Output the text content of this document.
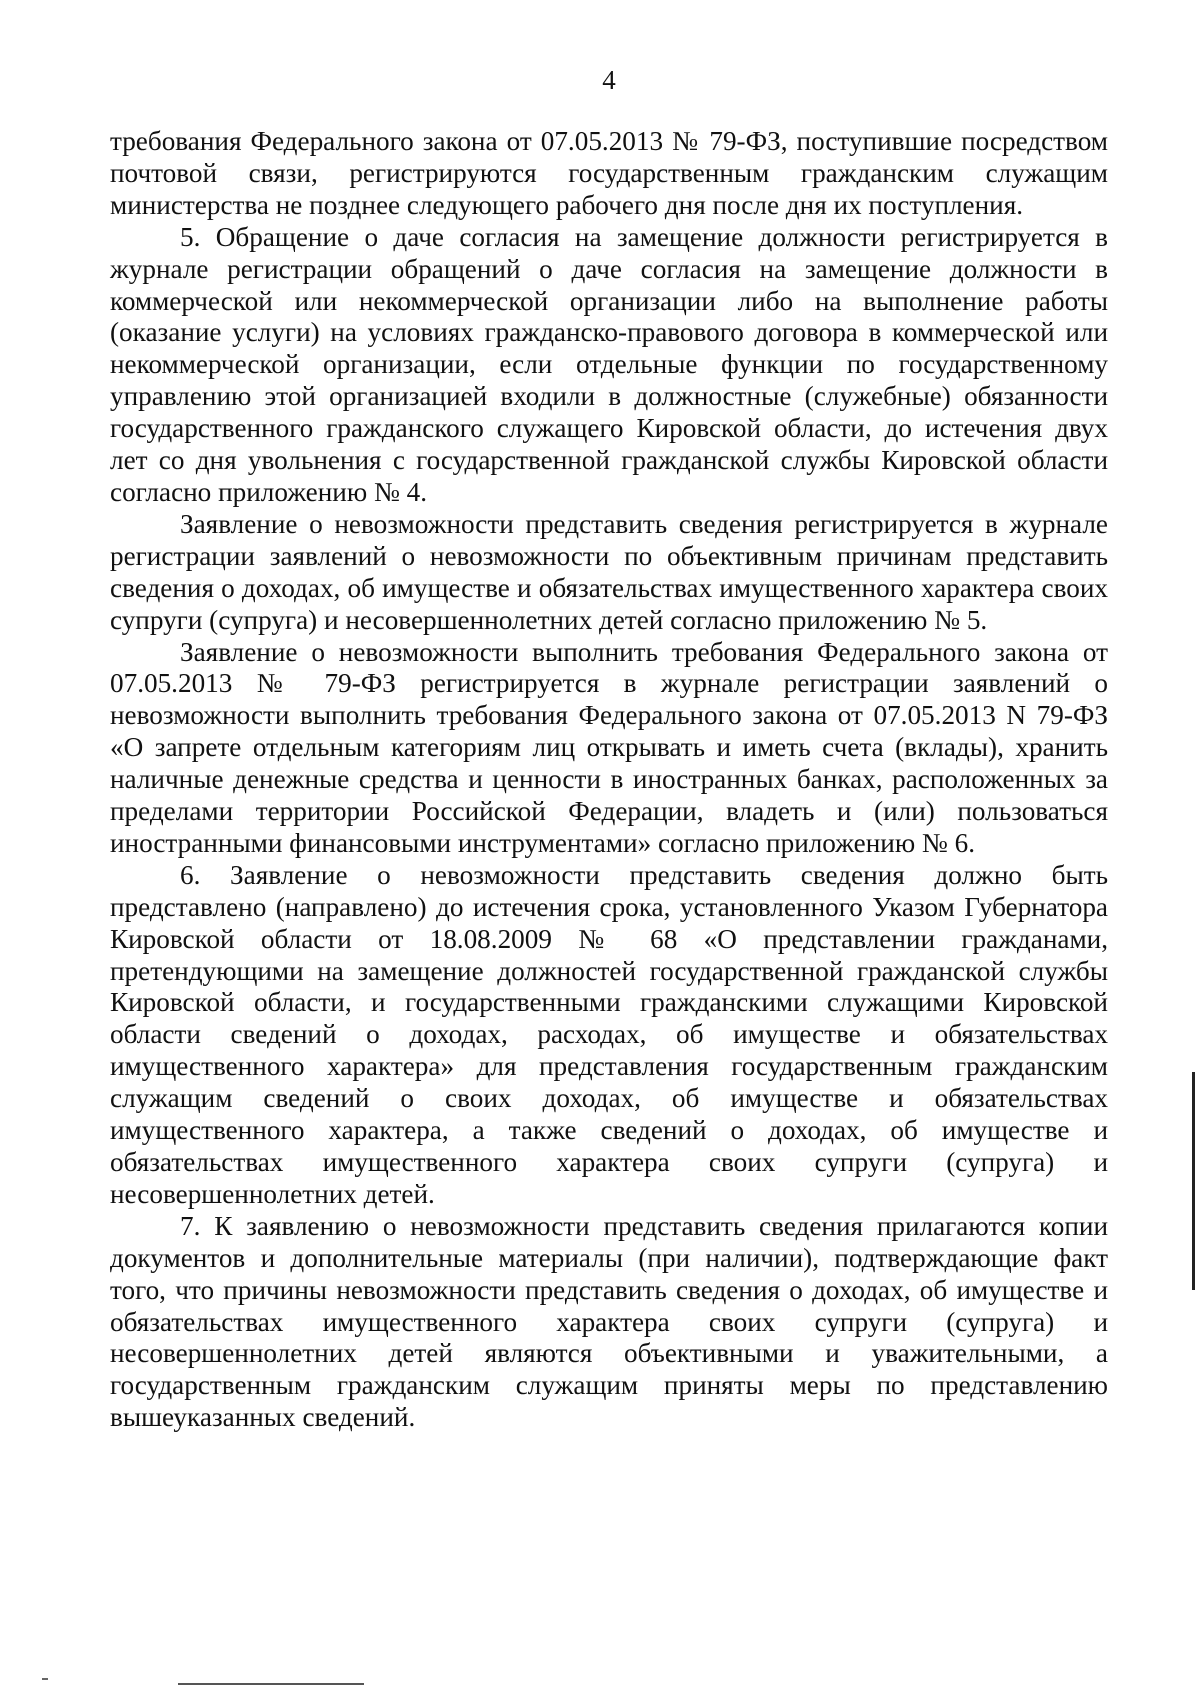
4

требования Федерального закона от 07.05.2013 № 79-ФЗ, поступившие посредством почтовой связи, регистрируются государственным гражданским служащим министерства не позднее следующего рабочего дня после дня их поступления.

5. Обращение о даче согласия на замещение должности регистрируется в журнале регистрации обращений о даче согласия на замещение должности в коммерческой или некоммерческой организации либо на выполнение работы (оказание услуги) на условиях гражданско-правового договора в коммерческой или некоммерческой организации, если отдельные функции по государственному управлению этой организацией входили в должностные (служебные) обязанности государственного гражданского служащего Кировской области, до истечения двух лет со дня увольнения с государственной гражданской службы Кировской области согласно приложению № 4.

Заявление о невозможности представить сведения регистрируется в журнале регистрации заявлений о невозможности по объективным причинам представить сведения о доходах, об имуществе и обязательствах имущественного характера своих супруги (супруга) и несовершеннолетних детей согласно приложению № 5.

Заявление о невозможности выполнить требования Федерального закона от 07.05.2013 № 79-ФЗ регистрируется в журнале регистрации заявлений о невозможности выполнить требования Федерального закона от 07.05.2013 N 79-ФЗ «О запрете отдельным категориям лиц открывать и иметь счета (вклады), хранить наличные денежные средства и ценности в иностранных банках, расположенных за пределами территории Российской Федерации, владеть и (или) пользоваться иностранными финансовыми инструментами» согласно приложению № 6.

6. Заявление о невозможности представить сведения должно быть представлено (направлено) до истечения срока, установленного Указом Губернатора Кировской области от 18.08.2009 № 68 «О представлении гражданами, претендующими на замещение должностей государственной гражданской службы Кировской области, и государственными гражданскими служащими Кировской области сведений о доходах, расходах, об имуществе и обязательствах имущественного характера» для представления государственным гражданским служащим сведений о своих доходах, об имуществе и обязательствах имущественного характера, а также сведений о доходах, об имуществе и обязательствах имущественного характера своих супруги (супруга) и несовершеннолетних детей.

7. К заявлению о невозможности представить сведения прилагаются копии документов и дополнительные материалы (при наличии), подтверждающие факт того, что причины невозможности представить сведения о доходах, об имуществе и обязательствах имущественного характера своих супруги (супруга) и несовершеннолетних детей являются объективными и уважительными, а государственным гражданским служащим приняты меры по представлению вышеуказанных сведений.
